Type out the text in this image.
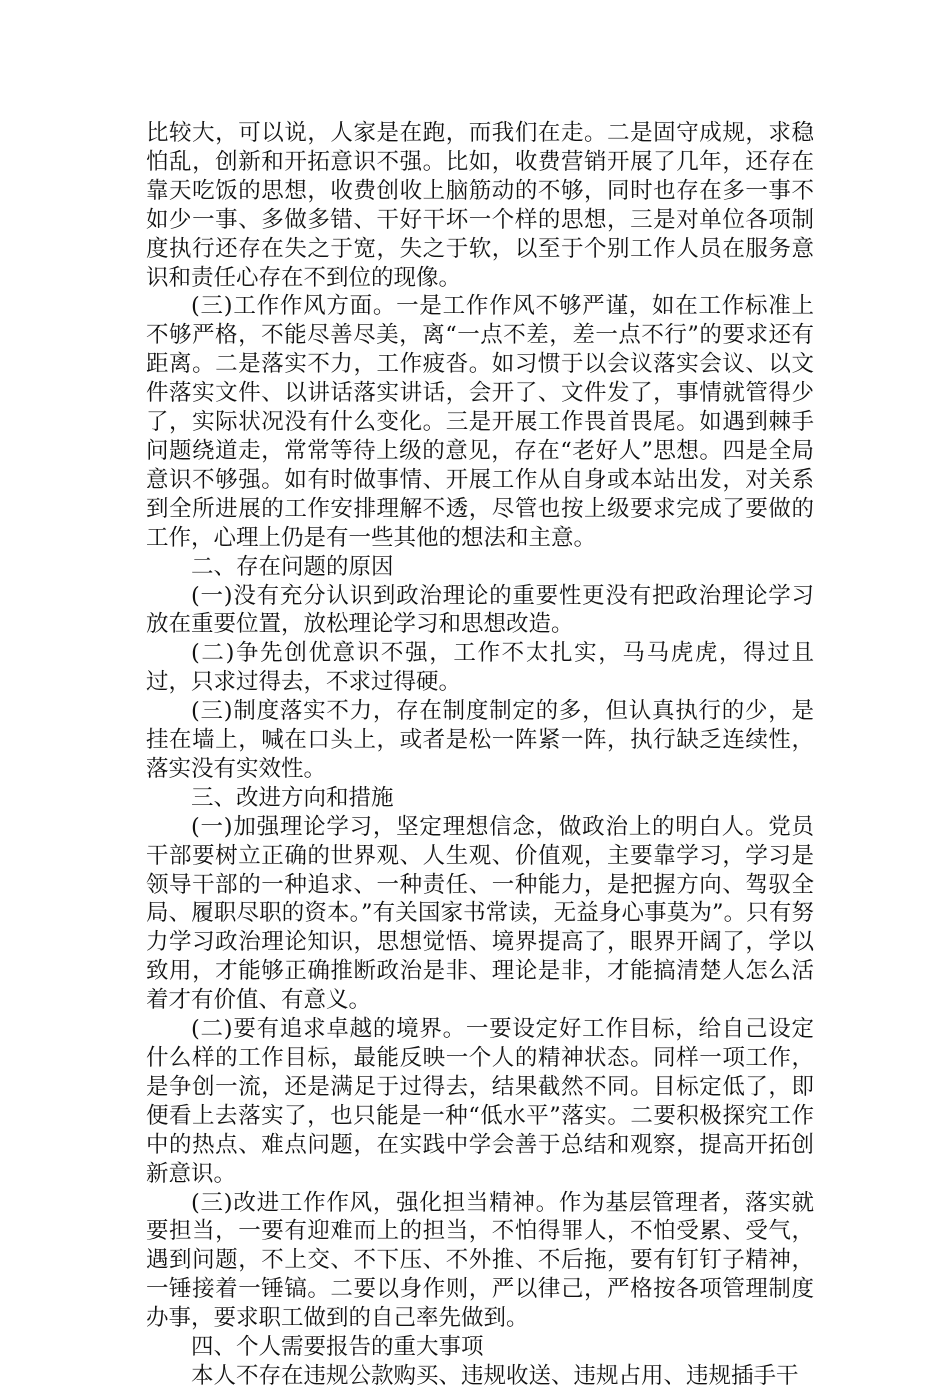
比较大，可以说，人家是在跑，而我们在走。二是固守成规，求稳怕乱，创新和开拓意识不强。比如，收费营销开展了几年，还存在靠天吃饭的思想，收费创收上脑筋动的不够，同时也存在多一事不如少一事、多做多错、干好干坏一个样的思想，三是对单位各项制度执行还存在失之于宽，失之于软，以至于个别工作人员在服务意识和责任心存在不到位的现像。

(三)工作作风方面。一是工作作风不够严谨，如在工作标准上不够严格，不能尽善尽美，离“一点不差，差一点不行”的要求还有距离。二是落实不力，工作疲沓。如习惯于以会议落实会议、以文件落实文件、以讲话落实讲话，会开了、文件发了，事情就管得少了，实际状况没有什么变化。三是开展工作畏首畏尾。如遇到棘手问题绕道走，常常等待上级的意见，存在“老好人”思想。四是全局意识不够强。如有时做事情、开展工作从自身或本站出发，对关系到全所进展的工作安排理解不透，尽管也按上级要求完成了要做的工作，心理上仍是有一些其他的想法和主意。

二、存在问题的原因

(一)没有充分认识到政治理论的重要性更没有把政治理论学习放在重要位置，放松理论学习和思想改造。

(二)争先创优意识不强，工作不太扎实，马马虎虎，得过且过，只求过得去，不求过得硬。

(三)制度落实不力，存在制度制定的多，但认真执行的少，是挂在墙上，喊在口头上，或者是松一阵紧一阵，执行缺乏连续性，落实没有实效性。

三、改进方向和措施

(一)加强理论学习，坚定理想信念，做政治上的明白人。党员干部要树立正确的世界观、人生观、价值观，主要靠学习，学习是领导干部的一种追求、一种责任、一种能力，是把握方向、驾驭全局、履职尽职的资本。”有关国家书常读，无益身心事莫为”。只有努力学习政治理论知识，思想觉悟、境界提高了，眼界开阔了，学以致用，才能够正确推断政治是非、理论是非，才能搞清楚人怎么活着才有价值、有意义。

(二)要有追求卓越的境界。一要设定好工作目标，给自己设定什么样的工作目标，最能反映一个人的精神状态。同样一项工作，是争创一流，还是满足于过得去，结果截然不同。目标定低了，即便看上去落实了，也只能是一种“低水平”落实。二要积极探究工作中的热点、难点问题，在实践中学会善于总结和观察，提高开拓创新意识。

(三)改进工作作风，强化担当精神。作为基层管理者，落实就要担当，一要有迎难而上的担当，不怕得罪人，不怕受累、受气，遇到问题，不上交、不下压、不外推、不后拖，要有钉钉子精神，一锤接着一锤镐。二要以身作则，严以律己，严格按各项管理制度办事，要求职工做到的自己率先做到。

四、个人需要报告的重大事项

本人不存在违规公款购买、违规收送、违规占用、违规插手干
